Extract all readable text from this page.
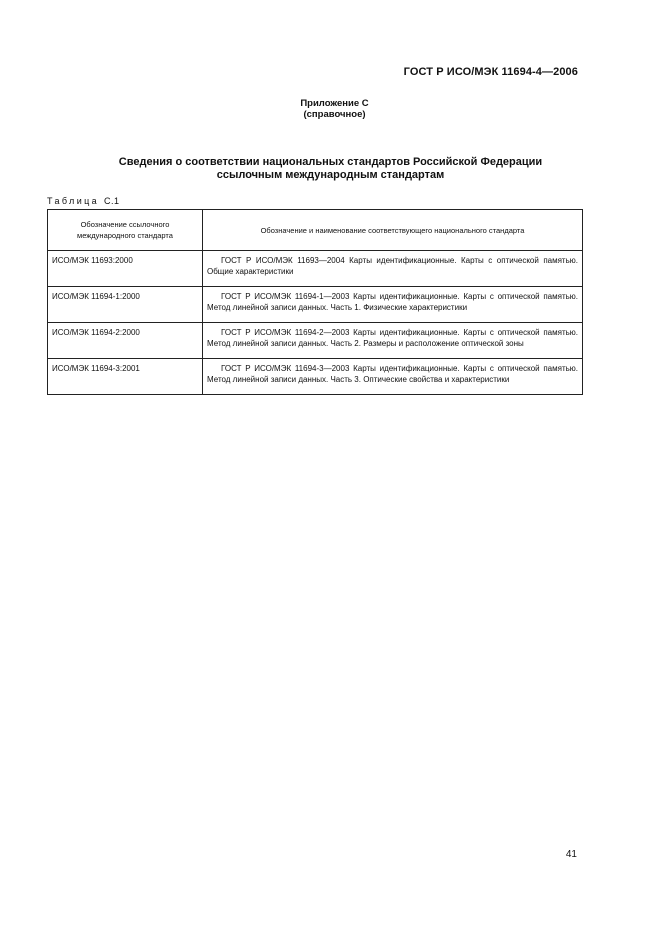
ГОСТ Р ИСО/МЭК 11694-4—2006
Приложение С
(справочное)
Сведения о соответствии национальных стандартов Российской Федерации
ссылочным международным стандартам
Таблица С.1
Обозначение ссылочного
международного стандарта	Обозначение и наименование соответствующего национального стандарта
ИСО/МЭК 11693:2000	ГОСТ Р ИСО/МЭК 11693—2004 Карты идентификационные. Карты с оптической памятью. Общие характеристики
ИСО/МЭК 11694-1:2000	ГОСТ Р ИСО/МЭК 11694-1—2003 Карты идентификационные. Карты с оптической памятью. Метод линейной записи данных. Часть 1. Физические характеристики
ИСО/МЭК 11694-2:2000	ГОСТ Р ИСО/МЭК 11694-2—2003 Карты идентификационные. Карты с оптической памятью. Метод линейной записи данных. Часть 2. Размеры и расположение оптической зоны
ИСО/МЭК 11694-3:2001	ГОСТ Р ИСО/МЭК 11694-3—2003 Карты идентификационные. Карты с оптической памятью. Метод линейной записи данных. Часть 3. Оптические свойства и характеристики
41
